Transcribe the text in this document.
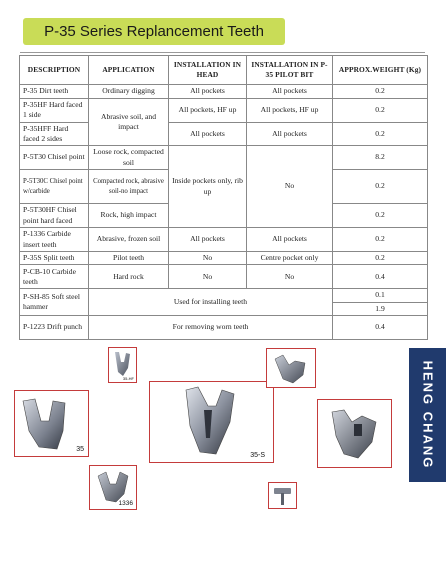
P-35 Series Replancement Teeth
DESCRIPTION	APPLICATION	INSTALLATION IN HEAD	INSTALLATION IN P-35 PILOT BIT	APPROX.WEIGHT (Kg)
P-35 Dirt teeth	Ordinary digging	All pockets	All pockets	0.2
P-35HF Hard faced 1 side	Abrasive soil, and impact	All pockets, HF up	All pockets, HF up	0.2
P-35HFF Hard faced 2 sides		All pockets	All pockets	0.2
P-5T30 Chisel point	Loose rock, compacted soil	Inside pockets only, rib up	No	8.2
P-5T30C Chisel point w/carbide	Compacted rock, abrasive soil-no impact			0.2
P-5T30HF Chisel point hard faced	Rock, high impact			0.2
P-1336 Carbide insert teeth	Abrasive, frozen soil	All pockets	All pockets	0.2
P-35S Split teeth	Pilot teeth	No	Centre pocket only	0.2
P-CB-10 Carbide teeth	Hard rock	No	No	0.4
P-SH-85 Soft steel hammer	Used for installing teeth			0.1
				1.9
P-1223 Drift punch	For removing worn teeth			0.4
HENG CHANG
35-HF
35
35-S
1336
